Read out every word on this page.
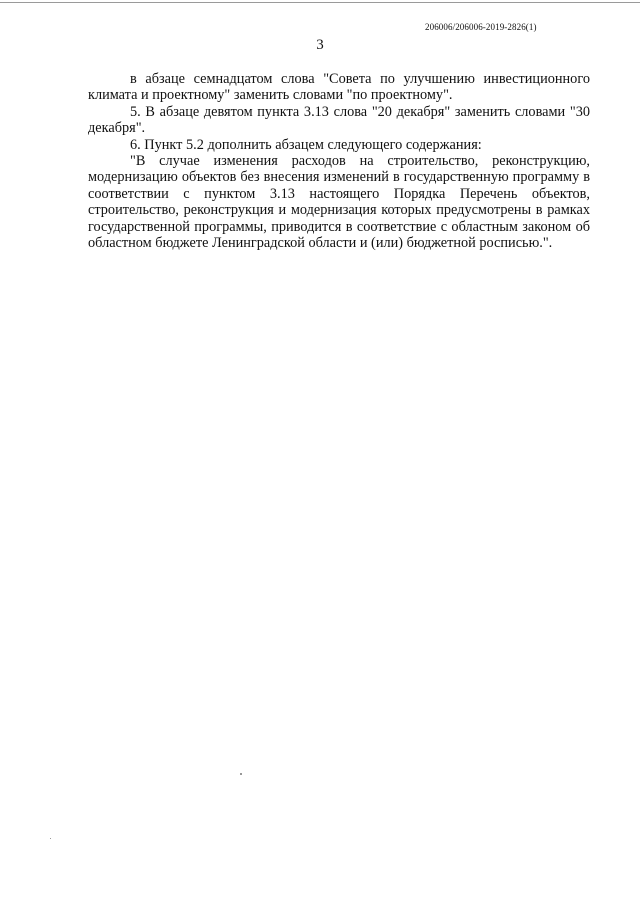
206006/206006-2019-2826(1)
3

в абзаце семнадцатом слова "Совета по улучшению инвестиционного климата и проектному" заменить словами "по проектному".

5. В абзаце девятом пункта 3.13 слова "20 декабря" заменить словами "30 декабря".

6. Пункт 5.2 дополнить абзацем следующего содержания:

"В случае изменения расходов на строительство, реконструкцию, модернизацию объектов без внесения изменений в государственную программу в соответствии с пунктом 3.13 настоящего Порядка Перечень объектов, строительство, реконструкция и модернизация которых предусмотрены в рамках государственной программы, приводится в соответствие с областным законом об областном бюджете Ленинградской области и (или) бюджетной росписью.".
